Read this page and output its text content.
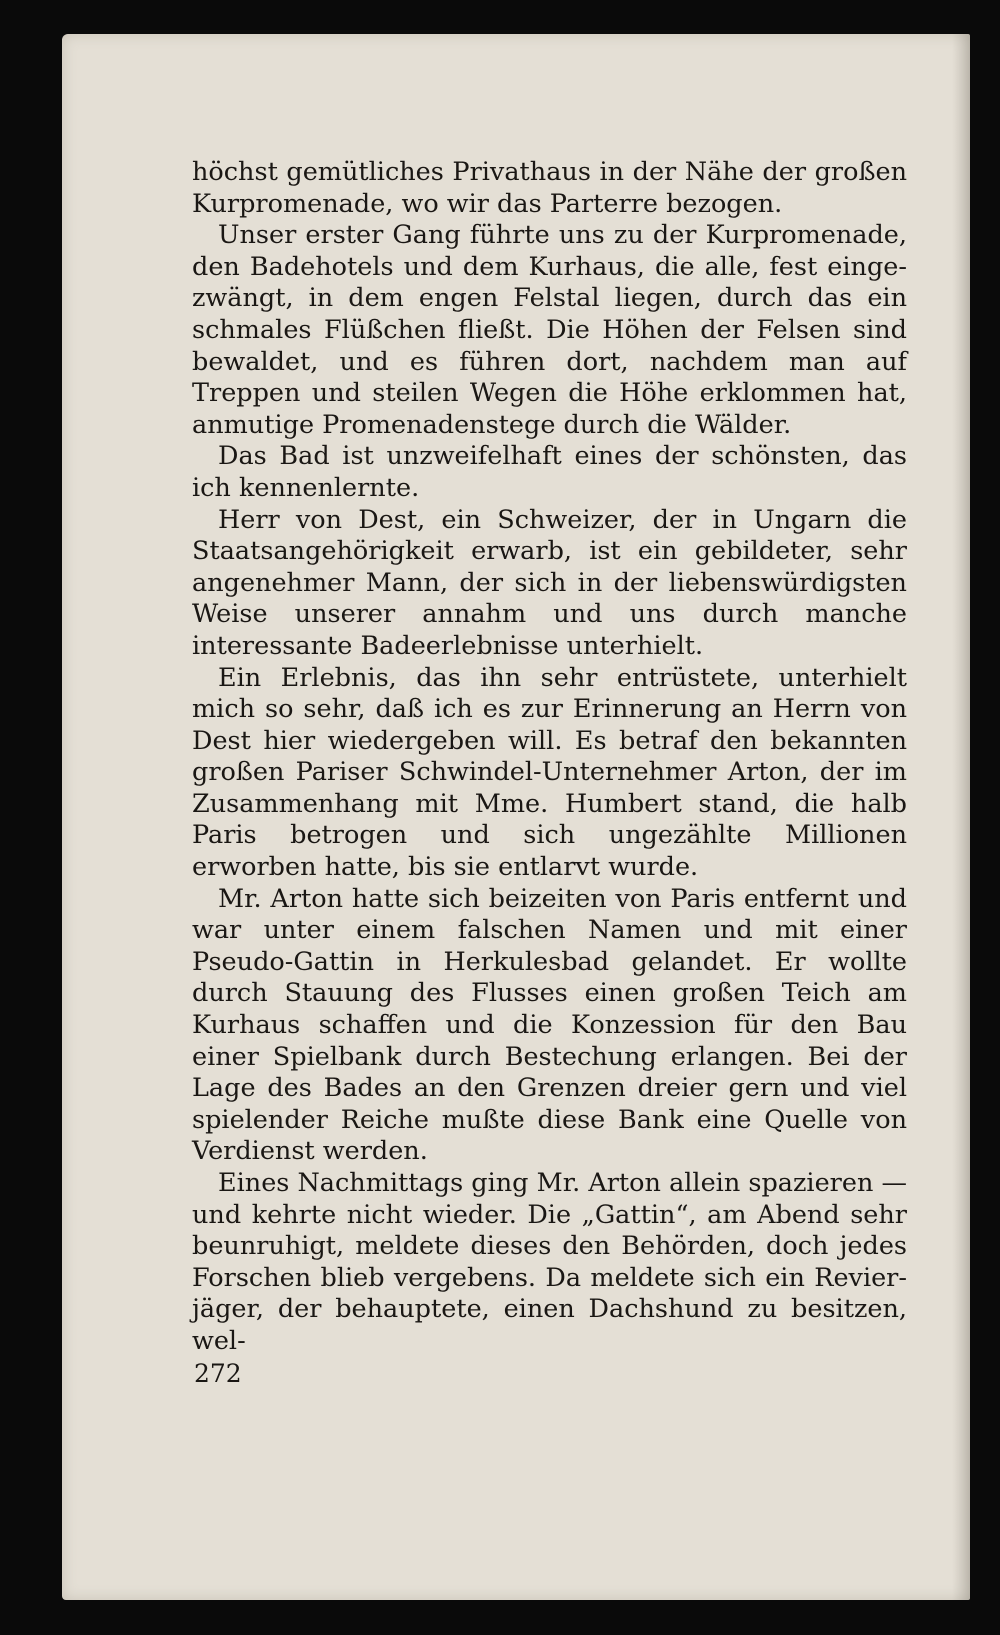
höchst gemütliches Privathaus in der Nähe der großen Kurpromenade, wo wir das Parterre bezogen.

Unser erster Gang führte uns zu der Kurpromenade, den Badehotels und dem Kurhaus, die alle, fest eingezwängt, in dem engen Felstal liegen, durch das ein schmales Flüßchen fließt. Die Höhen der Felsen sind bewaldet, und es führen dort, nachdem man auf Treppen und steilen Wegen die Höhe erklommen hat, anmutige Promenadenstege durch die Wälder.

Das Bad ist unzweifelhaft eines der schönsten, das ich kennenlernte.

Herr von Dest, ein Schweizer, der in Ungarn die Staatsangehörigkeit erwarb, ist ein gebildeter, sehr angenehmer Mann, der sich in der liebenswürdigsten Weise unserer annahm und uns durch manche interessante Badeerlebnisse unterhielt.

Ein Erlebnis, das ihn sehr entrüstete, unterhielt mich so sehr, daß ich es zur Erinnerung an Herrn von Dest hier wiedergeben will. Es betraf den bekannten großen Pariser Schwindel-Unternehmer Arton, der im Zusammenhang mit Mme. Humbert stand, die halb Paris betrogen und sich ungezählte Millionen erworben hatte, bis sie entlarvt wurde.

Mr. Arton hatte sich beizeiten von Paris entfernt und war unter einem falschen Namen und mit einer Pseudo-Gattin in Herkulesbad gelandet. Er wollte durch Stauung des Flusses einen großen Teich am Kurhaus schaffen und die Konzession für den Bau einer Spielbank durch Bestechung erlangen. Bei der Lage des Bades an den Grenzen dreier gern und viel spielender Reiche mußte diese Bank eine Quelle von Verdienst werden.

Eines Nachmittags ging Mr. Arton allein spazieren — und kehrte nicht wieder. Die „Gattin“, am Abend sehr beunruhigt, meldete dieses den Behörden, doch jedes Forschen blieb vergebens. Da meldete sich ein Revierjäger, der behauptete, einen Dachshund zu besitzen, wel-

272
